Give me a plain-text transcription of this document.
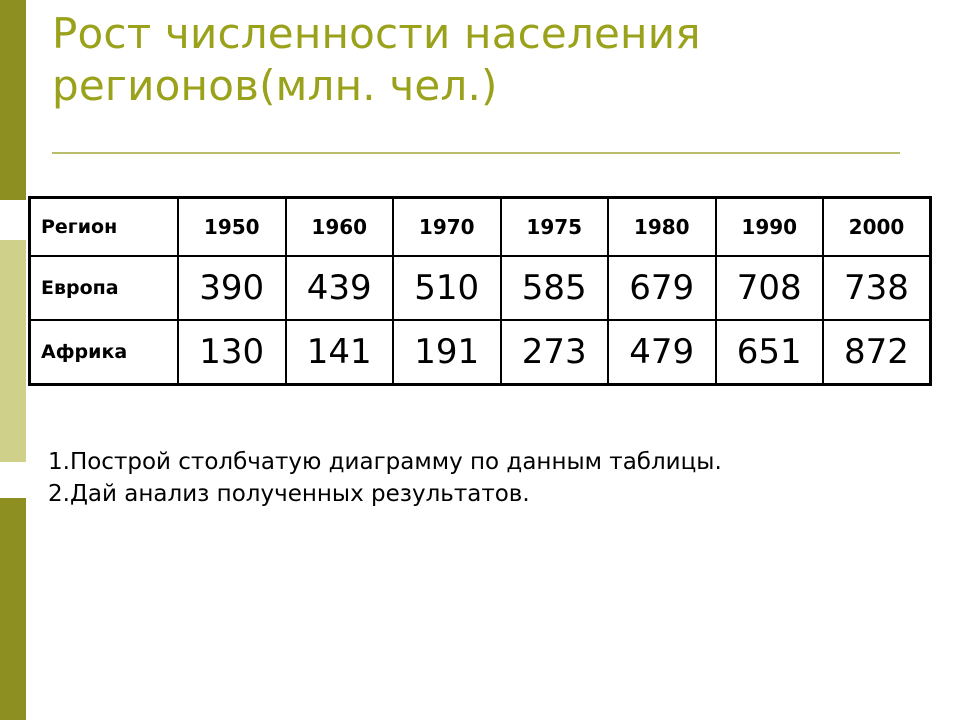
Рост численности населения регионов(млн. чел.)
Регион	1950	1960	1970	1975	1980	1990	2000
Европа	390	439	510	585	679	708	738
Африка	130	141	191	273	479	651	872
1.Построй столбчатую диаграмму по данным таблицы.
2.Дай анализ полученных результатов.
